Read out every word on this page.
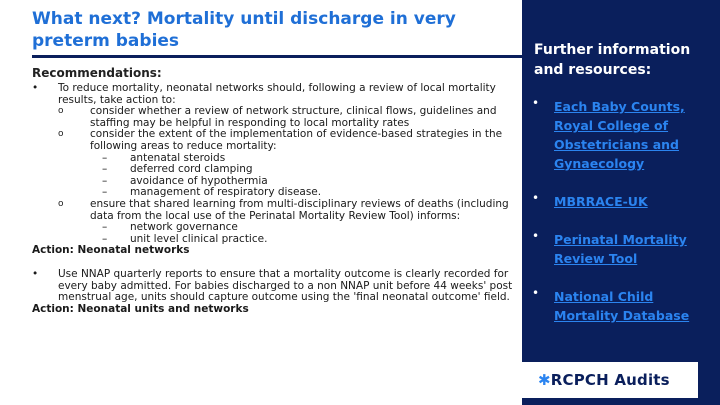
What next? Mortality until discharge in very preterm babies
Recommendations:
• To reduce mortality, neonatal networks should, following a review of local mortality results, take action to:
o	consider whether a review of network structure, clinical flows, guidelines and staffing may be helpful in responding to local mortality rates
o	consider the extent of the implementation of evidence-based strategies in the following areas to reduce mortality:
– antenatal steroids
– deferred cord clamping
– avoidance of hypothermia
– management of respiratory disease.
o	ensure that shared learning from multi-disciplinary reviews of deaths (including data from the local use of the Perinatal Mortality Review Tool) informs:
– network governance
– unit level clinical practice.
Action: Neonatal networks
• Use NNAP quarterly reports to ensure that a mortality outcome is clearly recorded for every baby admitted. For babies discharged to a non NNAP unit before 44 weeks' post menstrual age, units should capture outcome using the 'final neonatal outcome' field.
Action: Neonatal units and networks
Further information and resources:
• Each Baby Counts, Royal College of Obstetricians and Gynaecology
• MBRRACE-UK
• Perinatal Mortality Review Tool
• National Child Mortality Database
✱RCPCH Audits
